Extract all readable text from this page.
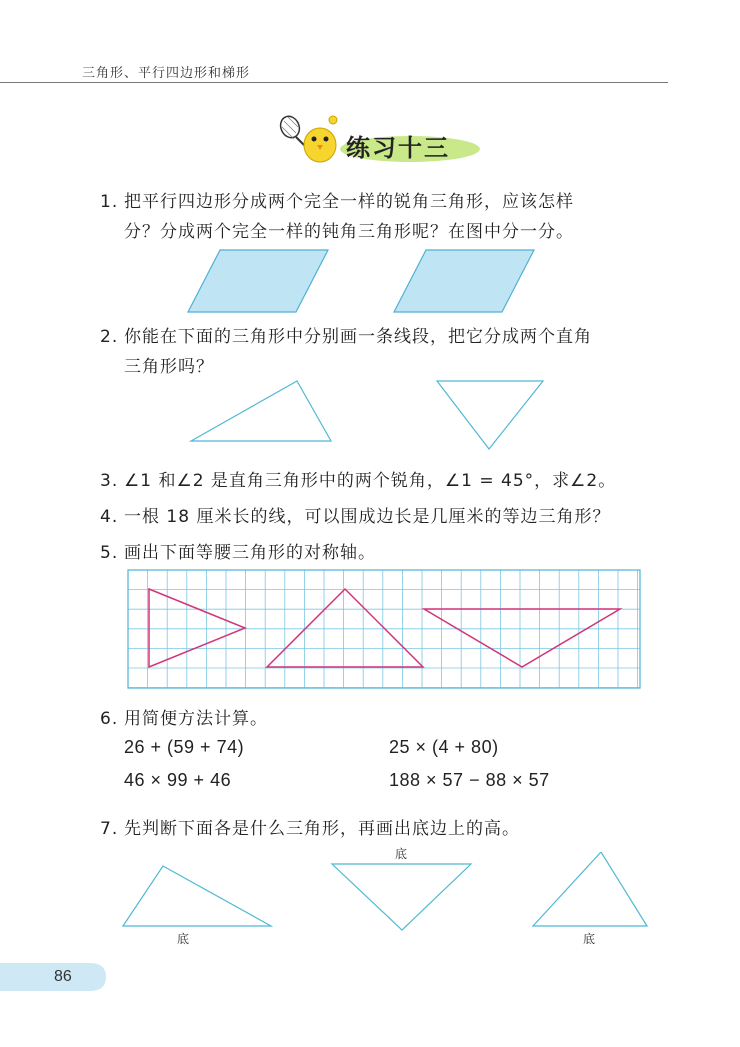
三角形、平行四边形和梯形
练习十三
1. 把平行四边形分成两个完全一样的锐角三角形，应该怎样
分？分成两个完全一样的钝角三角形呢？在图中分一分。
2. 你能在下面的三角形中分别画一条线段，把它分成两个直角
三角形吗？
3. ∠1 和∠2 是直角三角形中的两个锐角，∠1 = 45°，求∠2。
4. 一根 18 厘米长的线，可以围成边长是几厘米的等边三角形？
5. 画出下面等腰三角形的对称轴。
6. 用简便方法计算。
26 + (59 + 74)	25 × (4 + 80)
46 × 99 + 46	188 × 57 − 88 × 57
7. 先判断下面各是什么三角形，再画出底边上的高。
底
底	底
86
